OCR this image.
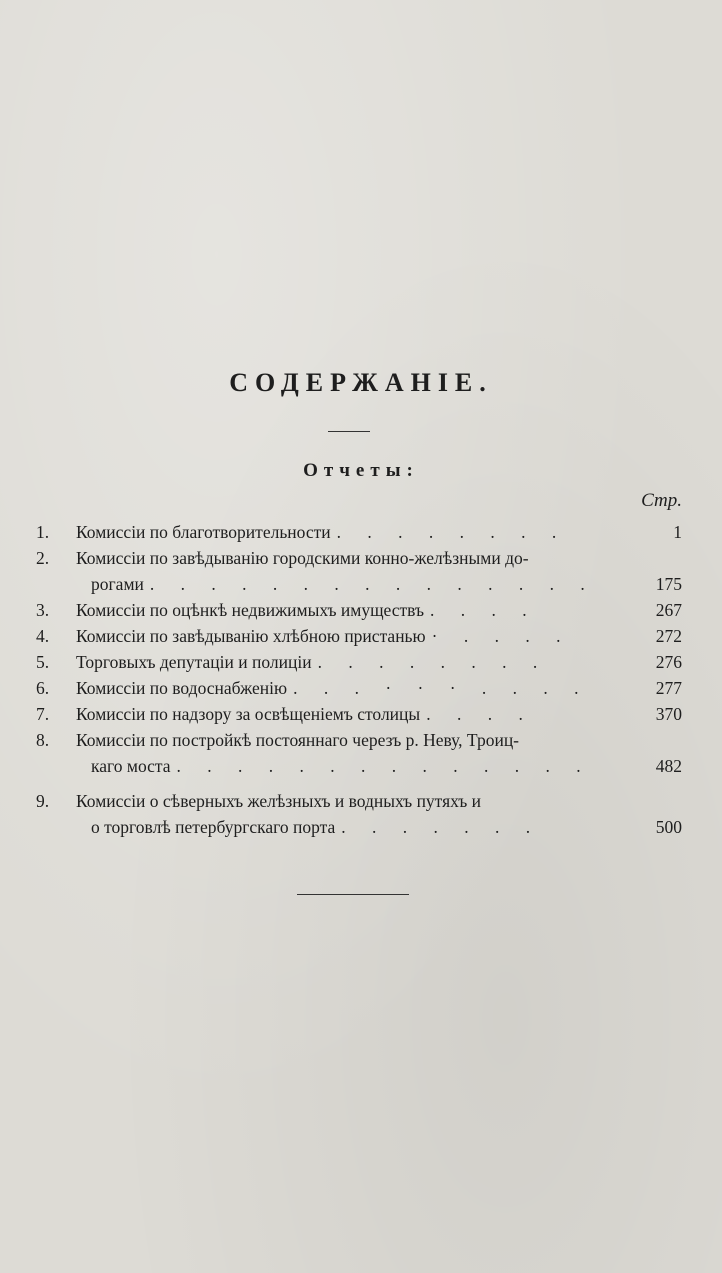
СОДЕРЖАНІЕ.
Отчеты:
Стр.
1.	Комиссіи по благотворительности . . . . . . . .	1
2.	Комиссіи по завѣдыванію городскими конно-желѣзными до-
рогами . . . . . . . . . . . . . . .	175
3.	Комиссіи по оцѣнкѣ недвижимыхъ имуществъ . . . .	267
4.	Комиссіи по завѣдыванію хлѣбною пристанью · . . . .	272
5.	Торговыхъ депутаціи и полиціи . . . . . . . .	276
6.	Комиссіи по водоснабженію . . . · · · . . . .	277
7.	Комиссіи по надзору за освѣщеніемъ столицы . . . .	370
8.	Комиссіи по постройкѣ постояннаго черезъ р. Неву, Троиц-
каго моста . . . . . . . . . . . . . .	482
9.	Комиссіи о сѣверныхъ желѣзныхъ и водныхъ путяхъ и
о торговлѣ петербургскаго порта . . . . . . .	500
